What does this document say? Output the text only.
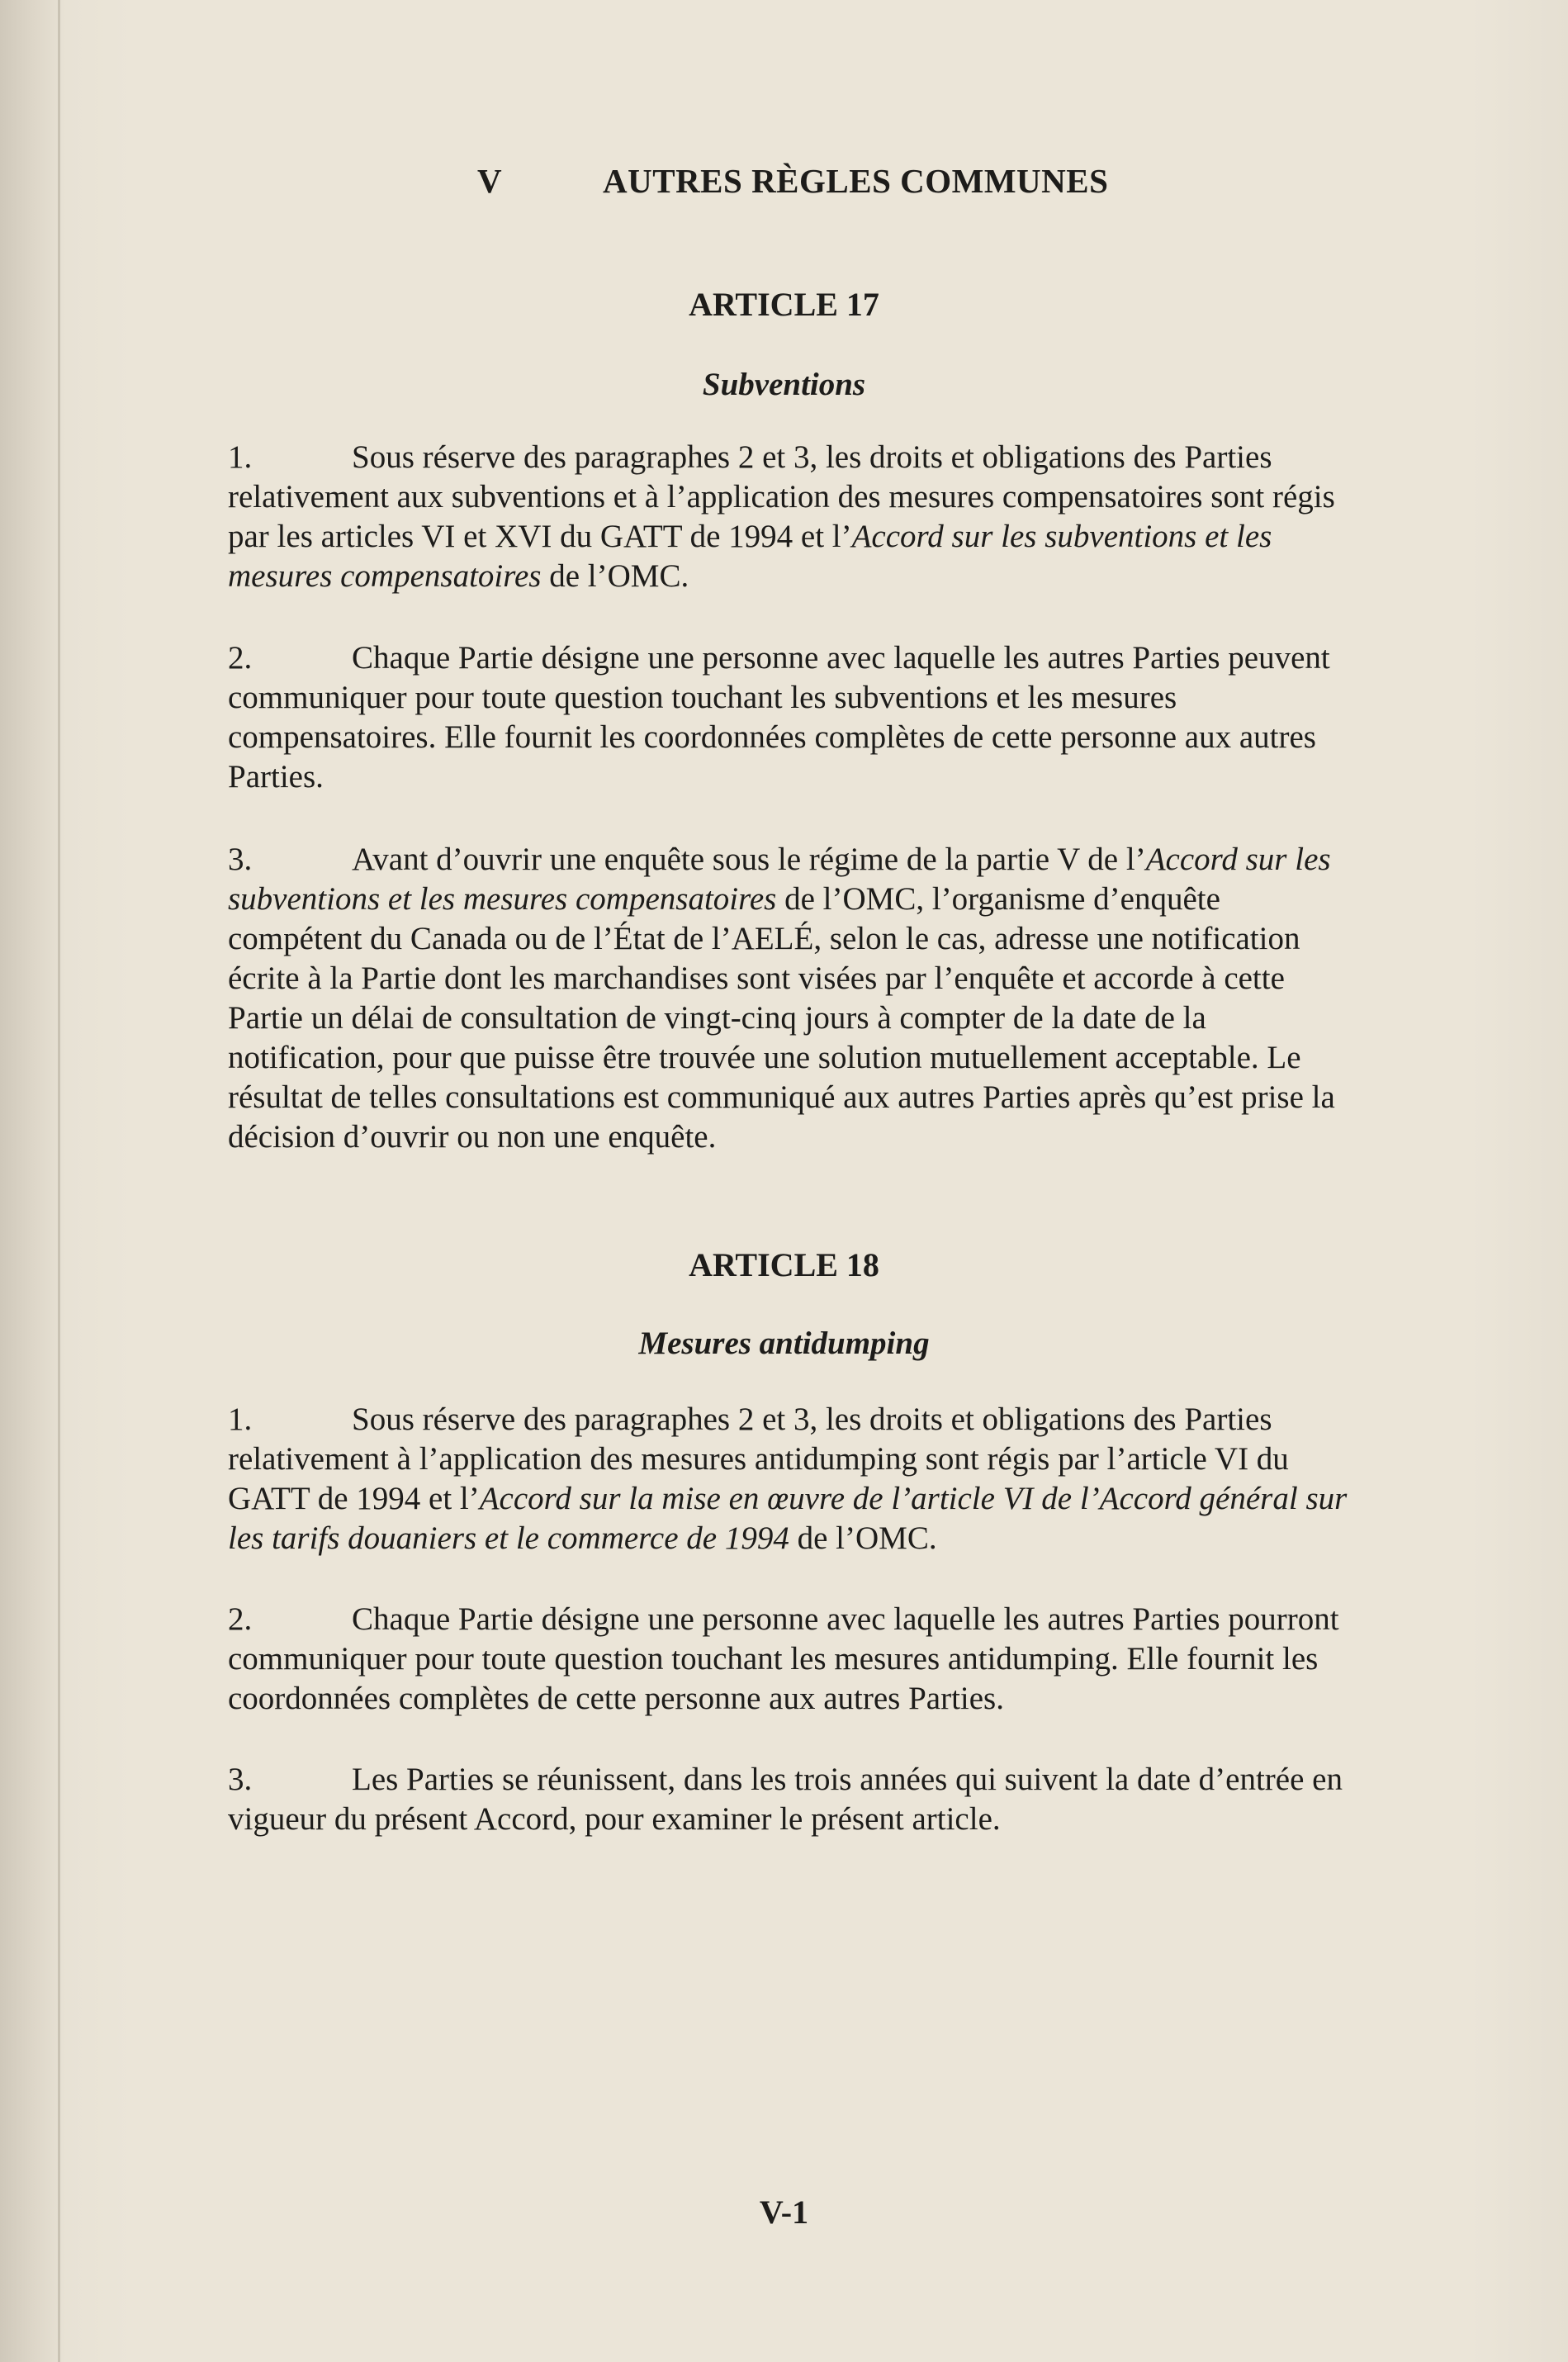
V	AUTRES RÈGLES COMMUNES
ARTICLE 17
Subventions
1.	Sous réserve des paragraphes 2 et 3, les droits et obligations des Parties relativement aux subventions et à l’application des mesures compensatoires sont régis par les articles VI et XVI du GATT de 1994 et l’Accord sur les subventions et les mesures compensatoires de l’OMC.
2.	Chaque Partie désigne une personne avec laquelle les autres Parties peuvent communiquer pour toute question touchant les subventions et les mesures compensatoires. Elle fournit les coordonnées complètes de cette personne aux autres Parties.
3.	Avant d’ouvrir une enquête sous le régime de la partie V de l’Accord sur les subventions et les mesures compensatoires de l’OMC, l’organisme d’enquête compétent du Canada ou de l’État de l’AELÉ, selon le cas, adresse une notification écrite à la Partie dont les marchandises sont visées par l’enquête et accorde à cette Partie un délai de consultation de vingt-cinq jours à compter de la date de la notification, pour que puisse être trouvée une solution mutuellement acceptable. Le résultat de telles consultations est communiqué aux autres Parties après qu’est prise la décision d’ouvrir ou non une enquête.
ARTICLE 18
Mesures antidumping
1.	Sous réserve des paragraphes 2 et 3, les droits et obligations des Parties relativement à l’application des mesures antidumping sont régis par l’article VI du GATT de 1994 et l’Accord sur la mise en œuvre de l’article VI de l’Accord général sur les tarifs douaniers et le commerce de 1994 de l’OMC.
2.	Chaque Partie désigne une personne avec laquelle les autres Parties pourront communiquer pour toute question touchant les mesures antidumping. Elle fournit les coordonnées complètes de cette personne aux autres Parties.
3.	Les Parties se réunissent, dans les trois années qui suivent la date d’entrée en vigueur du présent Accord, pour examiner le présent article.
V-1
